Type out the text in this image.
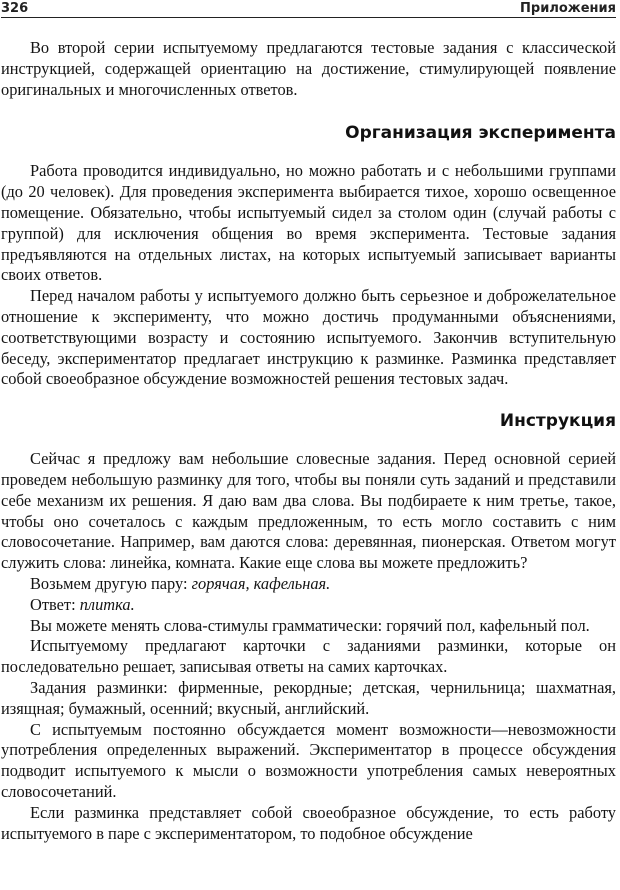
326	Приложения

Во второй серии испытуемому предлагаются тестовые задания с классической инструкцией, содержащей ориентацию на достижение, стимулирующей появление оригинальных и многочисленных ответов.

Организация эксперимента

Работа проводится индивидуально, но можно работать и с небольшими группами (до 20 человек). Для проведения эксперимента выбирается тихое, хорошо освещенное помещение. Обязательно, чтобы испытуемый сидел за столом один (случай работы с группой) для исключения общения во время эксперимента. Тестовые задания предъявляются на отдельных листах, на которых испытуемый записывает варианты своих ответов.

Перед началом работы у испытуемого должно быть серьезное и доброжелательное отношение к эксперименту, что можно достичь продуманными объяснениями, соответствующими возрасту и состоянию испытуемого. Закончив вступительную беседу, экспериментатор предлагает инструкцию к разминке. Разминка представляет собой своеобразное обсуждение возможностей решения тестовых задач.

Инструкция

Сейчас я предложу вам небольшие словесные задания. Перед основной серией проведем небольшую разминку для того, чтобы вы поняли суть заданий и представили себе механизм их решения. Я даю вам два слова. Вы подбираете к ним третье, такое, чтобы оно сочеталось с каждым предложенным, то есть могло составить с ним словосочетание. Например, вам даются слова: деревянная, пионерская. Ответом могут служить слова: линейка, комната. Какие еще слова вы можете предложить?

Возьмем другую пару: горячая, кафельная.

Ответ: плитка.

Вы можете менять слова-стимулы грамматически: горячий пол, кафельный пол.

Испытуемому предлагают карточки с заданиями разминки, которые он последовательно решает, записывая ответы на самих карточках.

Задания разминки: фирменные, рекордные; детская, чернильница; шахматная, изящная; бумажный, осенний; вкусный, английский.

С испытуемым постоянно обсуждается момент возможности—невозможности употребления определенных выражений. Экспериментатор в процессе обсуждения подводит испытуемого к мысли о возможности употребления самых невероятных словосочетаний.

Если разминка представляет собой своеобразное обсуждение, то есть работу испытуемого в паре с экспериментатором, то подобное обсуждение
